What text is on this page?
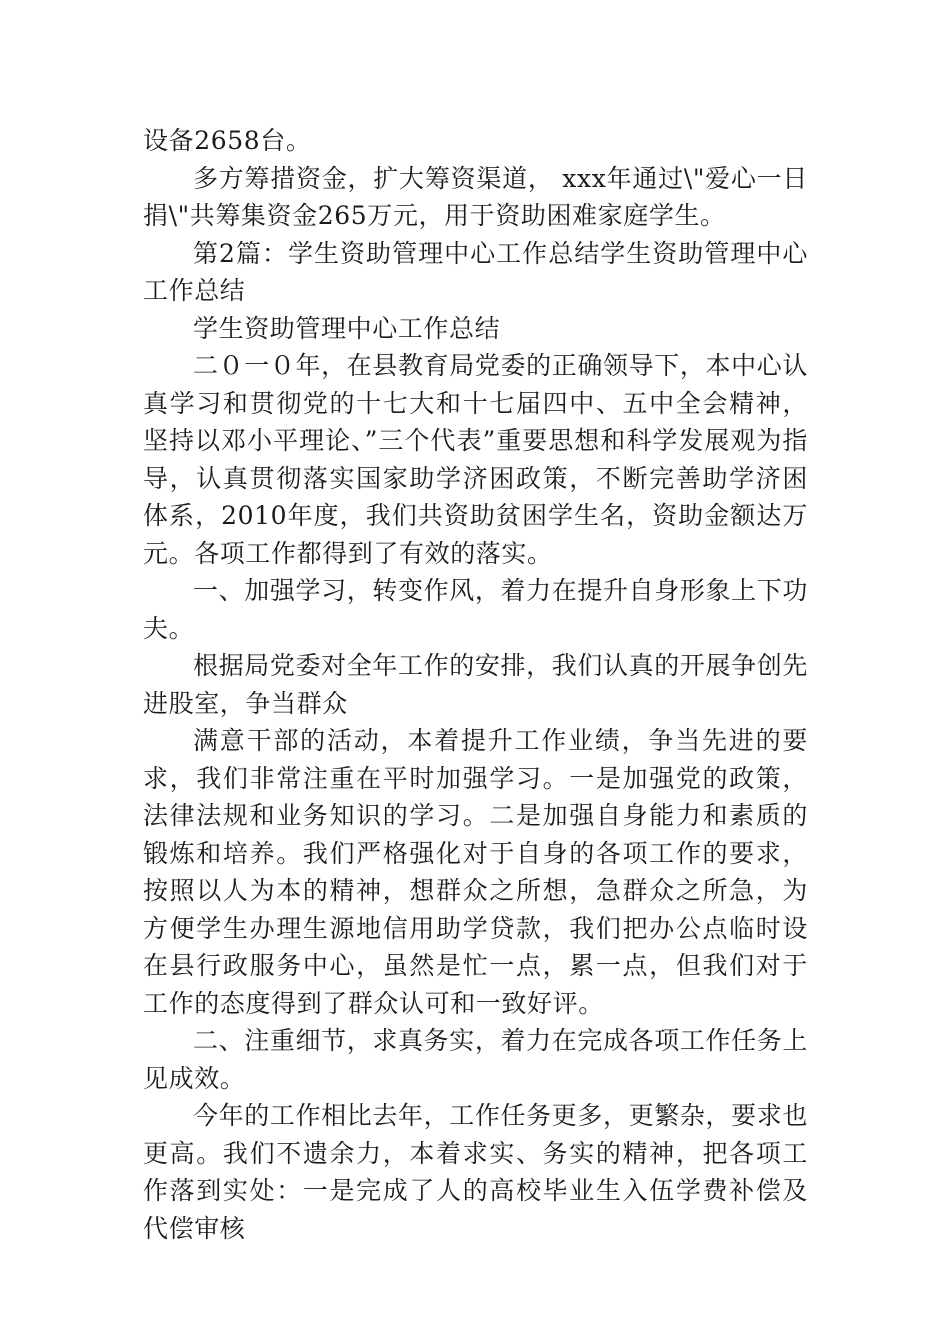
设备2658台。

多方筹措资金，扩大筹资渠道， xxx年通过\"爱心一日捐\"共筹集资金265万元，用于资助困难家庭学生。

第2篇：学生资助管理中心工作总结学生资助管理中心工作总结

学生资助管理中心工作总结

二０一０年，在县教育局党委的正确领导下，本中心认真学习和贯彻党的十七大和十七届四中、五中全会精神，坚持以邓小平理论、”三个代表”重要思想和科学发展观为指导，认真贯彻落实国家助学济困政策，不断完善助学济困体系，2010年度，我们共资助贫困学生名，资助金额达万元。各项工作都得到了有效的落实。

一、加强学习，转变作风，着力在提升自身形象上下功夫。

根据局党委对全年工作的安排，我们认真的开展争创先进股室，争当群众

满意干部的活动，本着提升工作业绩，争当先进的要求，我们非常注重在平时加强学习。一是加强党的政策，法律法规和业务知识的学习。二是加强自身能力和素质的锻炼和培养。我们严格强化对于自身的各项工作的要求，按照以人为本的精神，想群众之所想，急群众之所急，为方便学生办理生源地信用助学贷款，我们把办公点临时设在县行政服务中心，虽然是忙一点，累一点，但我们对于工作的态度得到了群众认可和一致好评。

二、注重细节，求真务实，着力在完成各项工作任务上见成效。

今年的工作相比去年，工作任务更多，更繁杂，要求也更高。我们不遗余力，本着求实、务实的精神，把各项工作落到实处：一是完成了人的高校毕业生入伍学费补偿及代偿审核
